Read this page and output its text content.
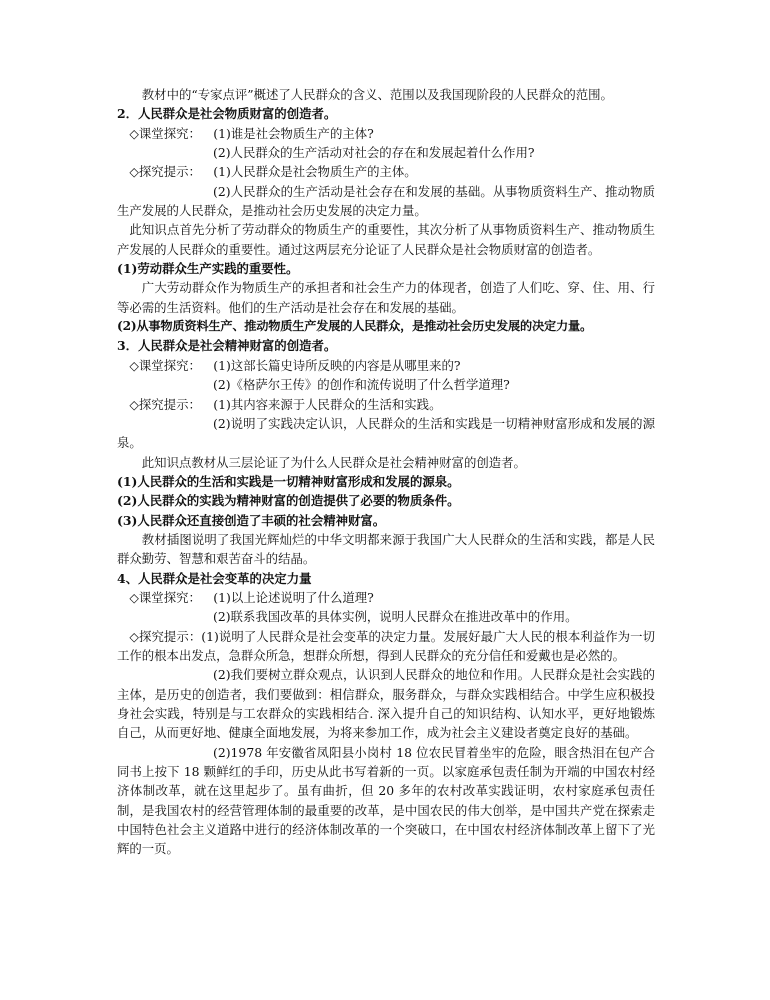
教材中的“专家点评”概述了人民群众的含义、范围以及我国现阶段的人民群众的范围。

2．人民群众是社会物质财富的创造者。

◇课堂探究： (1)谁是社会物质生产的主体?

(2)人民群众的生产活动对社会的存在和发展起着什么作用?

◇探究提示： (1)人民群众是社会物质生产的主体。

(2)人民群众的生产活动是社会存在和发展的基础。从事物质资料生产、推动物质生产发展的人民群众，是推动社会历史发展的决定力量。

此知识点首先分析了劳动群众的物质生产的重要性，其次分析了从事物质资料生产、推动物质生产发展的人民群众的重要性。通过这两层充分论证了人民群众是社会物质财富的创造者。

(1)劳动群众生产实践的重要性。

广大劳动群众作为物质生产的承担者和社会生产力的体现者，创造了人们吃、穿、住、用、行等必需的生活资料。他们的生产活动是社会存在和发展的基础。

(2)从事物质资料生产、推动物质生产发展的人民群众，是推动社会历史发展的决定力量。

3．人民群众是社会精神财富的创造者。

◇课堂探究： (1)这部长篇史诗所反映的内容是从哪里来的?

(2)《格萨尔王传》的创作和流传说明了什么哲学道理?

◇探究提示： (1)其内容来源于人民群众的生活和实践。

(2)说明了实践决定认识，人民群众的生活和实践是一切精神财富形成和发展的源泉。

此知识点教材从三层论证了为什么人民群众是社会精神财富的创造者。

(1)人民群众的生活和实践是一切精神财富形成和发展的源泉。

(2)人民群众的实践为精神财富的创造提供了必要的物质条件。

(3)人民群众还直接创造了丰硕的社会精神财富。

教材插图说明了我国光辉灿烂的中华文明都来源于我国广大人民群众的生活和实践，都是人民群众勤劳、智慧和艰苦奋斗的结晶。

4、人民群众是社会变革的决定力量

◇课堂探究： (1)以上论述说明了什么道理?

(2)联系我国改革的具体实例，说明人民群众在推进改革中的作用。

◇探究提示：(1)说明了人民群众是社会变革的决定力量。发展好最广大人民的根本利益作为一切工作的根本出发点，急群众所急，想群众所想，得到人民群众的充分信任和爱戴也是必然的。

(2)我们要树立群众观点，认识到人民群众的地位和作用。人民群众是社会实践的主体，是历史的创造者，我们要做到：相信群众，服务群众，与群众实践相结合。中学生应积极投身社会实践，特别是与工农群众的实践相结合. 深入提升自己的知识结构、认知水平，更好地锻炼自己，从而更好地、健康全面地发展，为将来参加工作，成为社会主义建设者奠定良好的基础。

(2)1978 年安徽省凤阳县小岗村 18 位农民冒着坐牢的危险，眼含热泪在包产合同书上按下 18 颗鲜红的手印，历史从此书写着新的一页。以家庭承包责任制为开端的中国农村经济体制改革，就在这里起步了。虽有曲折，但 20 多年的农村改革实践证明，农村家庭承包责任制，是我国农村的经营管理体制的最重要的改革，是中国农民的伟大创举，是中国共产党在探索走中国特色社会主义道路中进行的经济体制改革的一个突破口，在中国农村经济体制改革上留下了光辉的一页。
